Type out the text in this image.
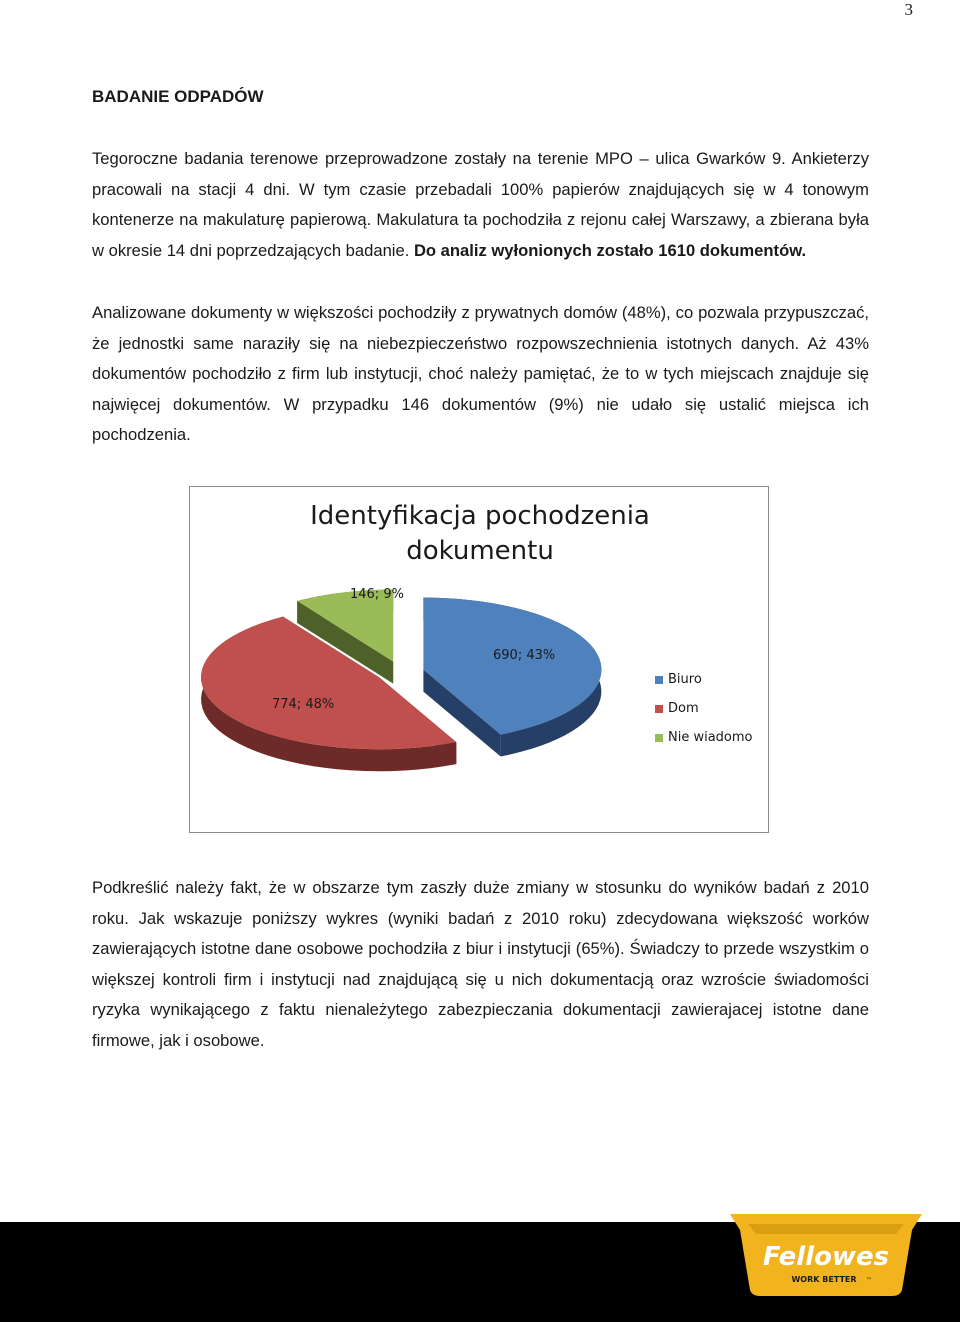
3
BADANIE ODPADÓW

Tegoroczne badania terenowe przeprowadzone zostały na terenie MPO – ulica Gwarków 9. Ankieterzy pracowali na stacji 4 dni. W tym czasie przebadali 100% papierów znajdujących się w 4 tonowym kontenerze na makulaturę papierową. Makulatura ta pochodziła z rejonu całej Warszawy, a zbierana była w okresie 14 dni poprzedzających badanie. Do analiz wyłonionych zostało 1610 dokumentów.

Analizowane dokumenty w większości pochodziły z prywatnych domów (48%), co pozwala przypuszczać, że jednostki same naraziły się na niebezpieczeństwo rozpowszechnienia istotnych danych. Aż 43% dokumentów pochodziło z firm lub instytucji, choć należy pamiętać, że to w tych miejscach znajduje się najwięcej dokumentów. W przypadku 146 dokumentów (9%) nie udało się ustalić miejsca ich pochodzenia.

Identyfikacja pochodzenia
dokumentu
690; 43%
774; 48%
146; 9%
Biuro
Dom
Nie wiadomo

Podkreślić należy fakt, że w obszarze tym zaszły duże zmiany w stosunku do wyników badań z 2010 roku. Jak wskazuje poniższy wykres (wyniki badań z 2010 roku) zdecydowana większość worków zawierających istotne dane osobowe pochodziła z biur i instytucji (65%). Świadczy to przede wszystkim o większej kontroli firm i instytucji nad znajdującą się u nich dokumentacją oraz wzroście świadomości ryzyka wynikającego z faktu nienależytego zabezpieczania dokumentacji zawierajacej istotne dane firmowe, jak i osobowe.

Fellowes
WORK BETTER ™
